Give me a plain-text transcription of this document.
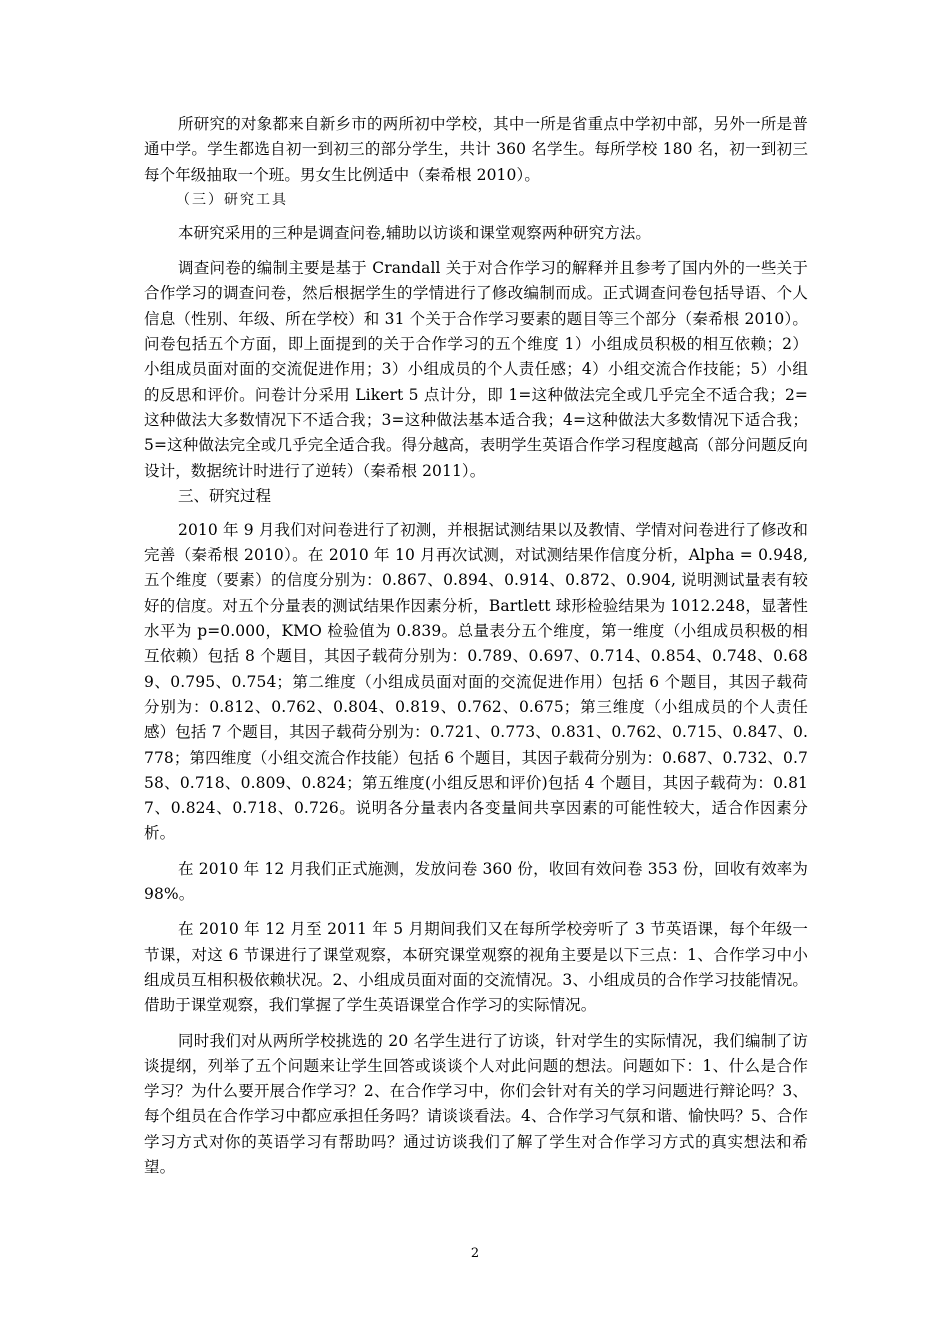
所研究的对象都来自新乡市的两所初中学校，其中一所是省重点中学初中部，另外一所是普通中学。学生都选自初一到初三的部分学生，共计 360 名学生。每所学校 180 名，初一到初三每个年级抽取一个班。男女生比例适中（秦希根 2010）。

（三）研究工具

本研究采用的三种是调查问卷,辅助以访谈和课堂观察两种研究方法。

调查问卷的编制主要是基于 Crandall 关于对合作学习的解释并且参考了国内外的一些关于合作学习的调查问卷，然后根据学生的学情进行了修改编制而成。正式调查问卷包括导语、个人信息（性别、年级、所在学校）和 31 个关于合作学习要素的题目等三个部分（秦希根 2010）。问卷包括五个方面，即上面提到的关于合作学习的五个维度 1）小组成员积极的相互依赖；2）小组成员面对面的交流促进作用；3）小组成员的个人责任感；4）小组交流合作技能；5）小组的反思和评价。问卷计分采用 Likert 5 点计分，即 1=这种做法完全或几乎完全不适合我；2=这种做法大多数情况下不适合我；3=这种做法基本适合我；4=这种做法大多数情况下适合我；5=这种做法完全或几乎完全适合我。得分越高，表明学生英语合作学习程度越高（部分问题反向设计，数据统计时进行了逆转）（秦希根 2011）。

三、研究过程

2010 年 9 月我们对问卷进行了初测，并根据试测结果以及教情、学情对问卷进行了修改和完善（秦希根 2010）。在 2010 年 10 月再次试测，对试测结果作信度分析，Alpha = 0.948,五个维度（要素）的信度分别为：0.867、0.894、0.914、0.872、0.904, 说明测试量表有较好的信度。对五个分量表的测试结果作因素分析，Bartlett 球形检验结果为 1012.248，显著性水平为 p=0.000，KMO 检验值为 0.839。总量表分五个维度，第一维度（小组成员积极的相互依赖）包括 8 个题目，其因子载荷分别为：0.789、0.697、0.714、0.854、0.748、0.689、0.795、0.754；第二维度（小组成员面对面的交流促进作用）包括 6 个题目，其因子载荷分别为：0.812、0.762、0.804、0.819、0.762、0.675；第三维度（小组成员的个人责任感）包括 7 个题目，其因子载荷分别为：0.721、0.773、0.831、0.762、0.715、0.847、0.778；第四维度（小组交流合作技能）包括 6 个题目，其因子载荷分别为：0.687、0.732、0.758、0.718、0.809、0.824；第五维度(小组反思和评价)包括 4 个题目，其因子载荷为：0.817、0.824、0.718、0.726。说明各分量表内各变量间共享因素的可能性较大，适合作因素分析。

在 2010 年 12 月我们正式施测，发放问卷 360 份，收回有效问卷 353 份，回收有效率为 98%。

在 2010 年 12 月至 2011 年 5 月期间我们又在每所学校旁听了 3 节英语课，每个年级一节课，对这 6 节课进行了课堂观察，本研究课堂观察的视角主要是以下三点：1、合作学习中小组成员互相积极依赖状况。2、小组成员面对面的交流情况。3、小组成员的合作学习技能情况。借助于课堂观察，我们掌握了学生英语课堂合作学习的实际情况。

同时我们对从两所学校挑选的 20 名学生进行了访谈，针对学生的实际情况，我们编制了访谈提纲，列举了五个问题来让学生回答或谈谈个人对此问题的想法。问题如下：1、什么是合作学习？为什么要开展合作学习？2、在合作学习中，你们会针对有关的学习问题进行辩论吗？3、每个组员在合作学习中都应承担任务吗？请谈谈看法。4、合作学习气氛和谐、愉快吗？5、合作学习方式对你的英语学习有帮助吗？通过访谈我们了解了学生对合作学习方式的真实想法和希望。

2
